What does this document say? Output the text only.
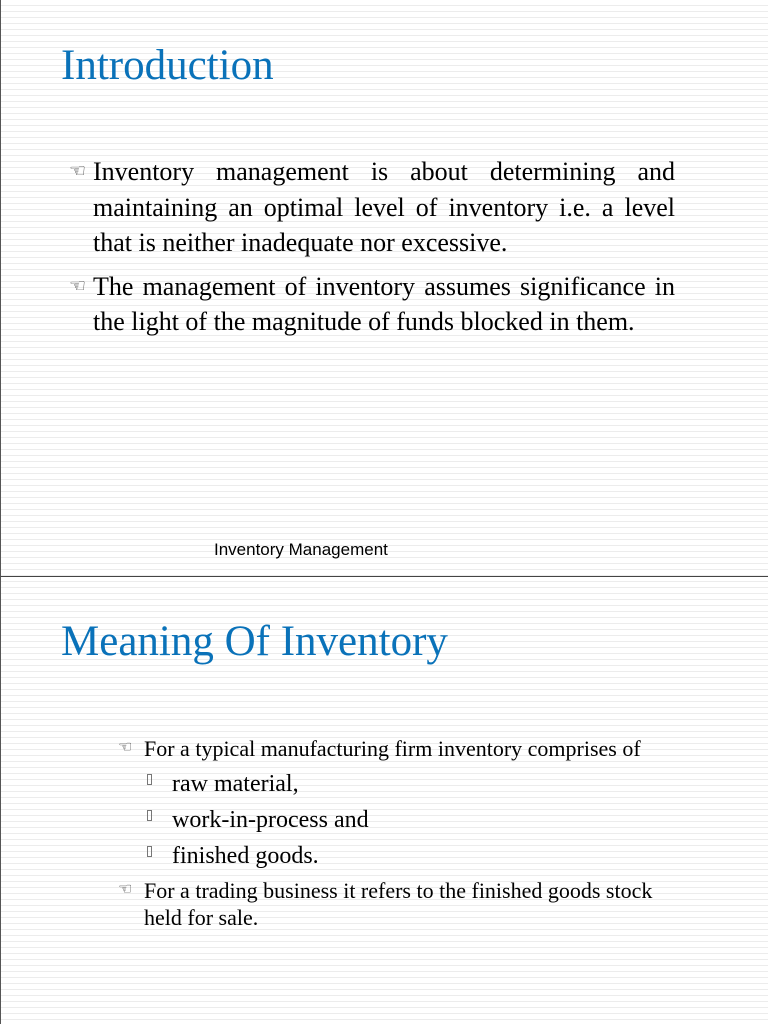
Introduction
☜ Inventory management is about determining and maintaining an optimal level of inventory i.e. a level that is neither inadequate nor excessive.
☜ The management of inventory assumes significance in the light of the magnitude of funds blocked in them.
Inventory Management
Meaning Of Inventory
☜ For a typical manufacturing firm inventory comprises of
raw material,
work-in-process and
finished goods.
☜ For a trading business it refers to the finished goods stock held for sale.
